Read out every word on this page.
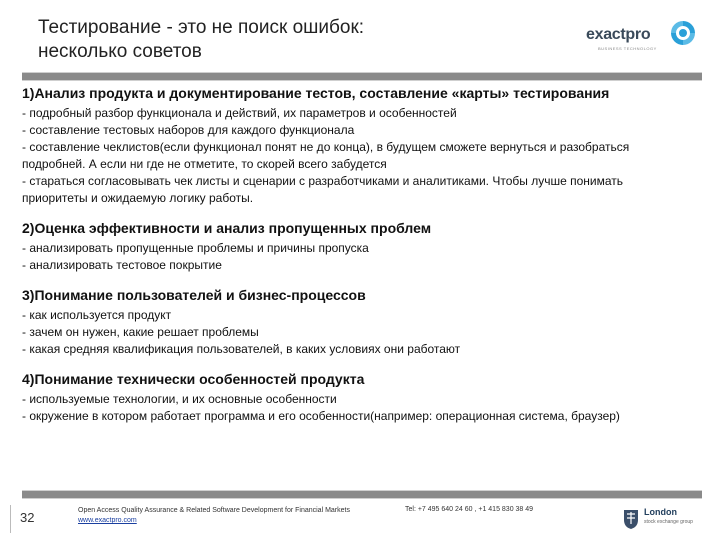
Тестирование - это не поиск ошибок:
несколько советов
exactpro
BUSINESS TECHNOLOGY
1)Анализ продукта и документирование тестов, составление «карты» тестирования
- подробный разбор функционала и действий, их параметров и особенностей
- составление тестовых наборов для каждого функционала
- составление чеклистов(если функционал понят не до конца), в будущем сможете вернуться и разобраться подробней. А если ни где не отметите, то скорей всего забудется
- стараться согласовывать чек листы и сценарии с разработчиками и аналитиками. Чтобы лучше понимать приоритеты и ожидаемую логику работы.
2)Оценка эффективности и анализ пропущенных проблем
- анализировать пропущенные проблемы и причины пропуска
- анализировать тестовое покрытие
3)Понимание пользователей и бизнес-процессов
- как используется продукт
- зачем он нужен, какие решает проблемы
- какая средняя квалификация пользователей, в каких условиях они работают
4)Понимание технически особенностей продукта
- используемые технологии, и их основные особенности
- окружение в котором работает программа и его особенности(например: операционная система, браузер)
32	Open Access Quality Assurance & Related Software Development for Financial Markets
www.exactpro.com
Tel: +7 495 640 24 60 , +1 415 830 38 49	London
stock exchange group
